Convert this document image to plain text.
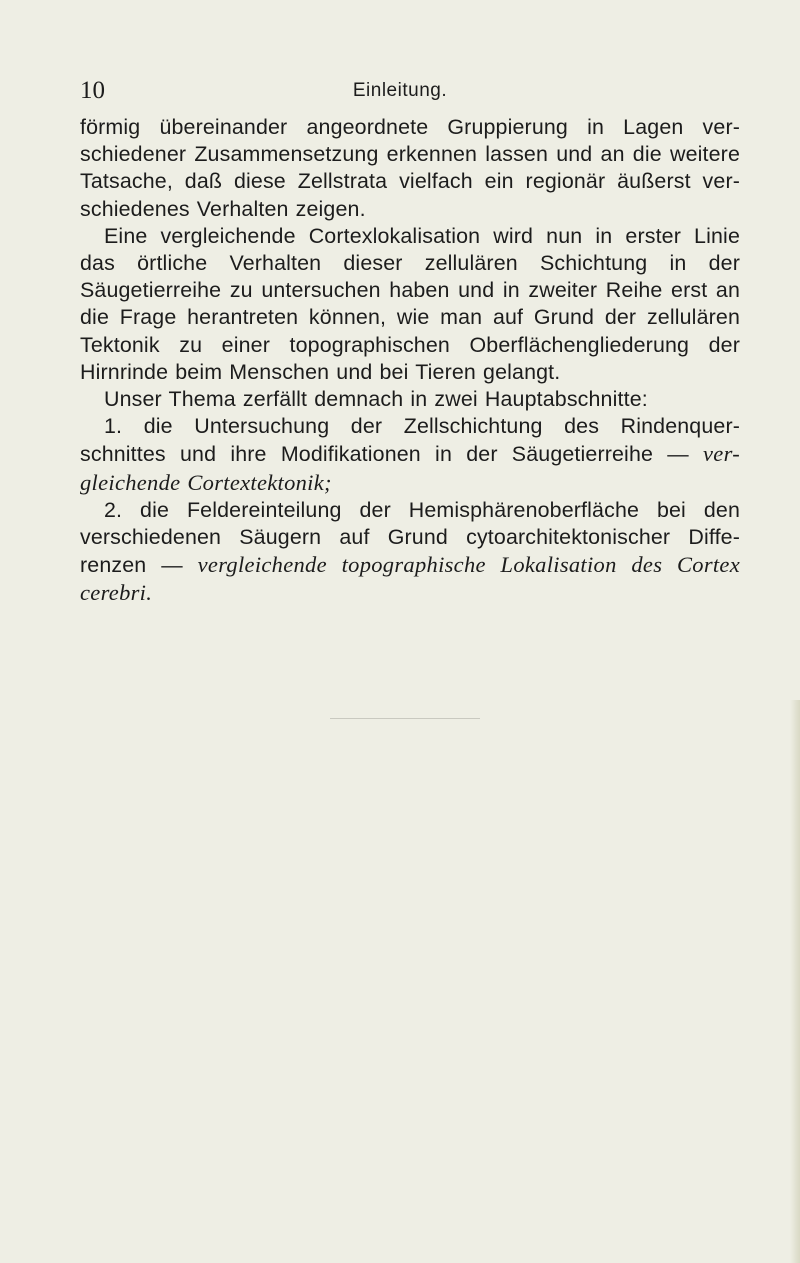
10	Einleitung.

förmig übereinander angeordnete Gruppierung in Lagen ver- schiedener Zusammensetzung erkennen lassen und an die weitere Tatsache, daß diese Zellstrata vielfach ein regionär äußerst ver- schiedenes Verhalten zeigen.

Eine vergleichende Cortexlokalisation wird nun in erster Linie das örtliche Verhalten dieser zellulären Schichtung in der Säugetierreihe zu untersuchen haben und in zweiter Reihe erst an die Frage herantreten können, wie man auf Grund der zellulären Tektonik zu einer topographischen Oberflächengliederung der Hirnrinde beim Menschen und bei Tieren gelangt.

Unser Thema zerfällt demnach in zwei Hauptabschnitte:

1. die Untersuchung der Zellschichtung des Rindenquer- schnittes und ihre Modifikationen in der Säugetierreihe — ver- gleichende Cortextektonik;

2. die Feldereinteilung der Hemisphärenoberfläche bei den verschiedenen Säugern auf Grund cytoarchitektonischer Diffe- renzen — vergleichende topographische Lokalisation des Cortex cerebri.
